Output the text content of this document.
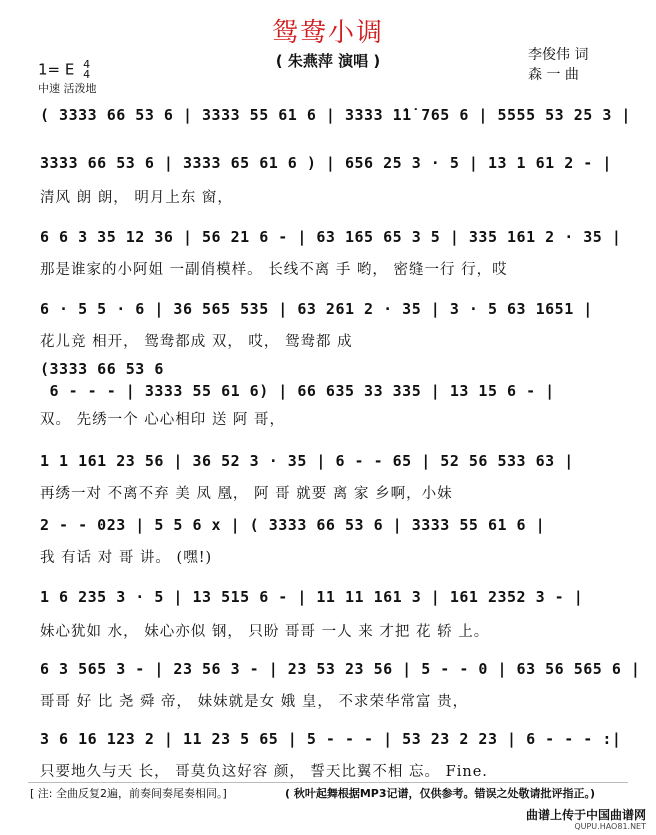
鸳鸯小调
( 朱燕萍 演唱 )	李俊伟 词
森 一 曲
1= E 4
4
中速 活泼地
( 3333 66 53 6 | 3333 55 61 6 | 3333 1̇1̇ 765 6 | 5555 53 25 3 |
3333 66 53 6 | 3333 65 61 6 ) | 656 25 3 · 5 | 13 1 61 2 - |
清风 朗 朗， 明月上东 窗，
6 6 3 35 12 36 | 56 21 6 - | 63 165 65 3 5 | 335 161 2 · 35 |
那是谁家的小阿姐 一副俏模样。 长线不离 手 哟， 密缝一行 行，哎
6 · 5 5 · 6 | 36 565 535 | 63 261 2 · 35 | 3 · 5 63 1651 |
花儿竞 相开， 鸳鸯都成 双， 哎， 鸳鸯都 成
(3333 66 53 6
6 - - - | 3333 55 61 6) | 66 635 33 335 | 13 15 6 - |
双。 先绣一个 心心相印 送 阿 哥，
1 1 161 23 56 | 36 52 3 · 35 | 6 - - 65 | 52 56 533 63 |
再绣一对 不离不弃 美 凤 凰， 阿 哥 就要 离 家 乡啊，小妹
2 - - 023 | 5 5 6 x | ( 3333 66 53 6 | 3333 55 61 6 |
我 有话 对 哥 讲。 (嘿!)
1 6 235 3 · 5 | 13 515 6 - | 11 11 161 3 | 161 2352 3 - |
妹心犹如 水， 妹心亦似 钢， 只盼 哥哥 一人 来 才把 花 轿 上。
6 3 565 3 - | 23 56 3 - | 23 53 23 56 | 5 - - 0 | 63 56 565 6 |
哥哥 好 比 尧 舜 帝， 妹妹就是女 娥 皇， 不求荣华常富 贵，
3 6 16 123 2 | 11 23 5 65 | 5 - - - | 53 23 2 23 | 6 - - - :|
只要地久与天 长， 哥莫负这好容 颜， 誓天比翼不相 忘。 Fine.
[ 注: 全曲反复2遍，前奏间奏尾奏相同。]	( 秋叶起舞根据MP3记谱，仅供参考。错误之处敬请批评指正。)
曲谱上传于中国曲谱网
QUPU.HAO81.NET
